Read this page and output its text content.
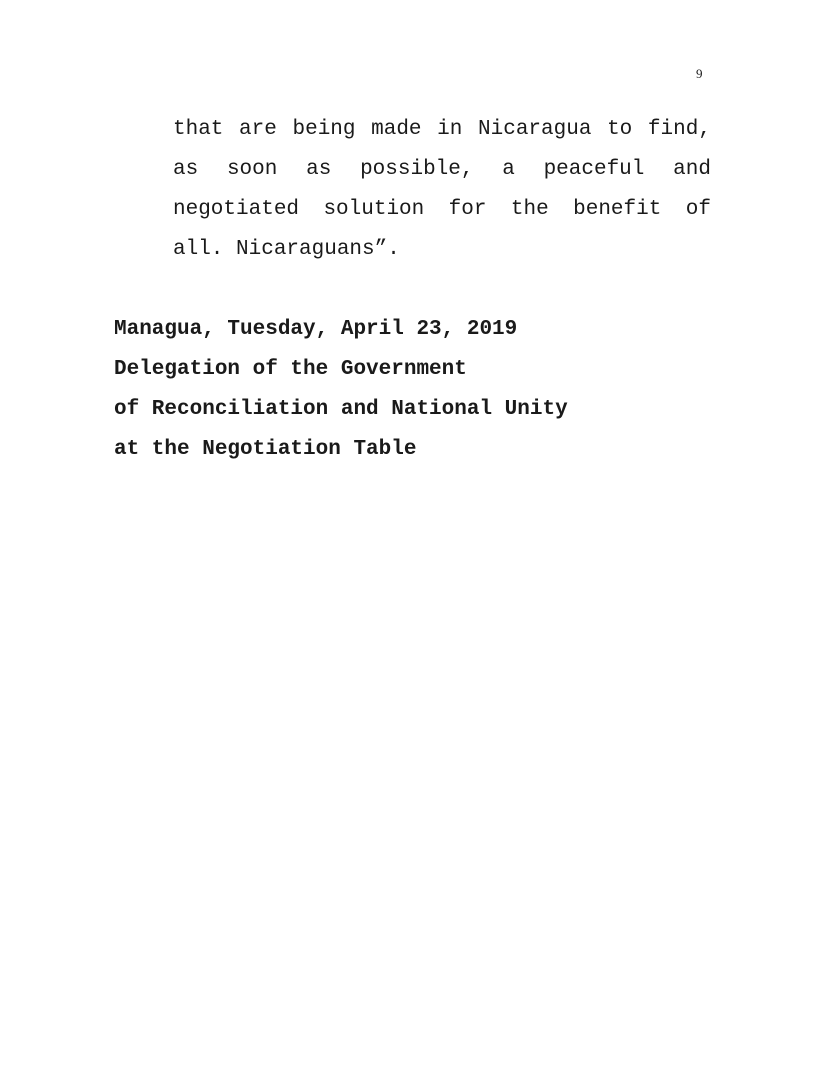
9
that are being made in Nicaragua to find,
as soon as possible, a peaceful and
negotiated solution for the benefit of
all. Nicaraguans”.
Managua, Tuesday, April 23, 2019
Delegation of the Government
of Reconciliation and National Unity
at the Negotiation Table
